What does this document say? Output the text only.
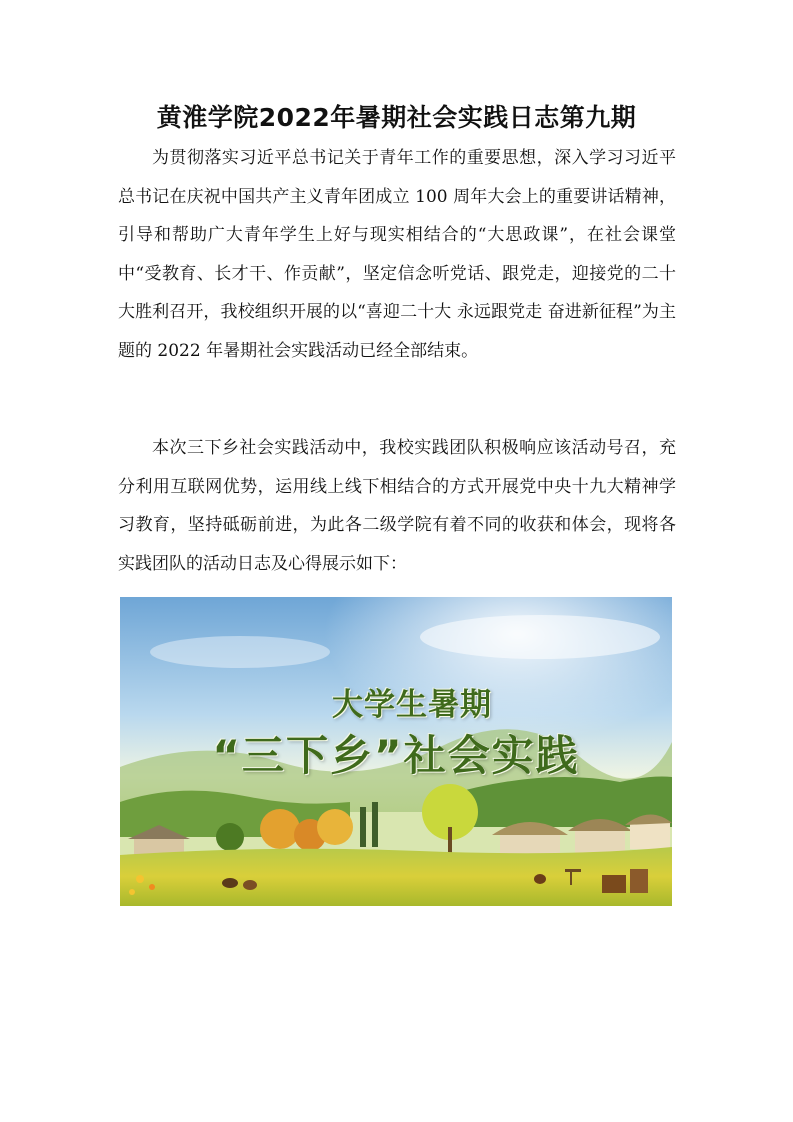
黄淮学院2022年暑期社会实践日志第九期

为贯彻落实习近平总书记关于青年工作的重要思想，深入学习习近平总书记在庆祝中国共产主义青年团成立 100 周年大会上的重要讲话精神，引导和帮助广大青年学生上好与现实相结合的“大思政课”，在社会课堂中“受教育、长才干、作贡献”，坚定信念听党话、跟党走，迎接党的二十大胜利召开，我校组织开展的以“喜迎二十大 永远跟党走 奋进新征程”为主题的 2022 年暑期社会实践活动已经全部结束。

本次三下乡社会实践活动中，我校实践团队积极响应该活动号召，充分利用互联网优势，运用线上线下相结合的方式开展党中央十九大精神学习教育，坚持砥砺前进，为此各二级学院有着不同的收获和体会，现将各实践团队的活动日志及心得展示如下：

大学生暑期
“三下乡”社会实践
